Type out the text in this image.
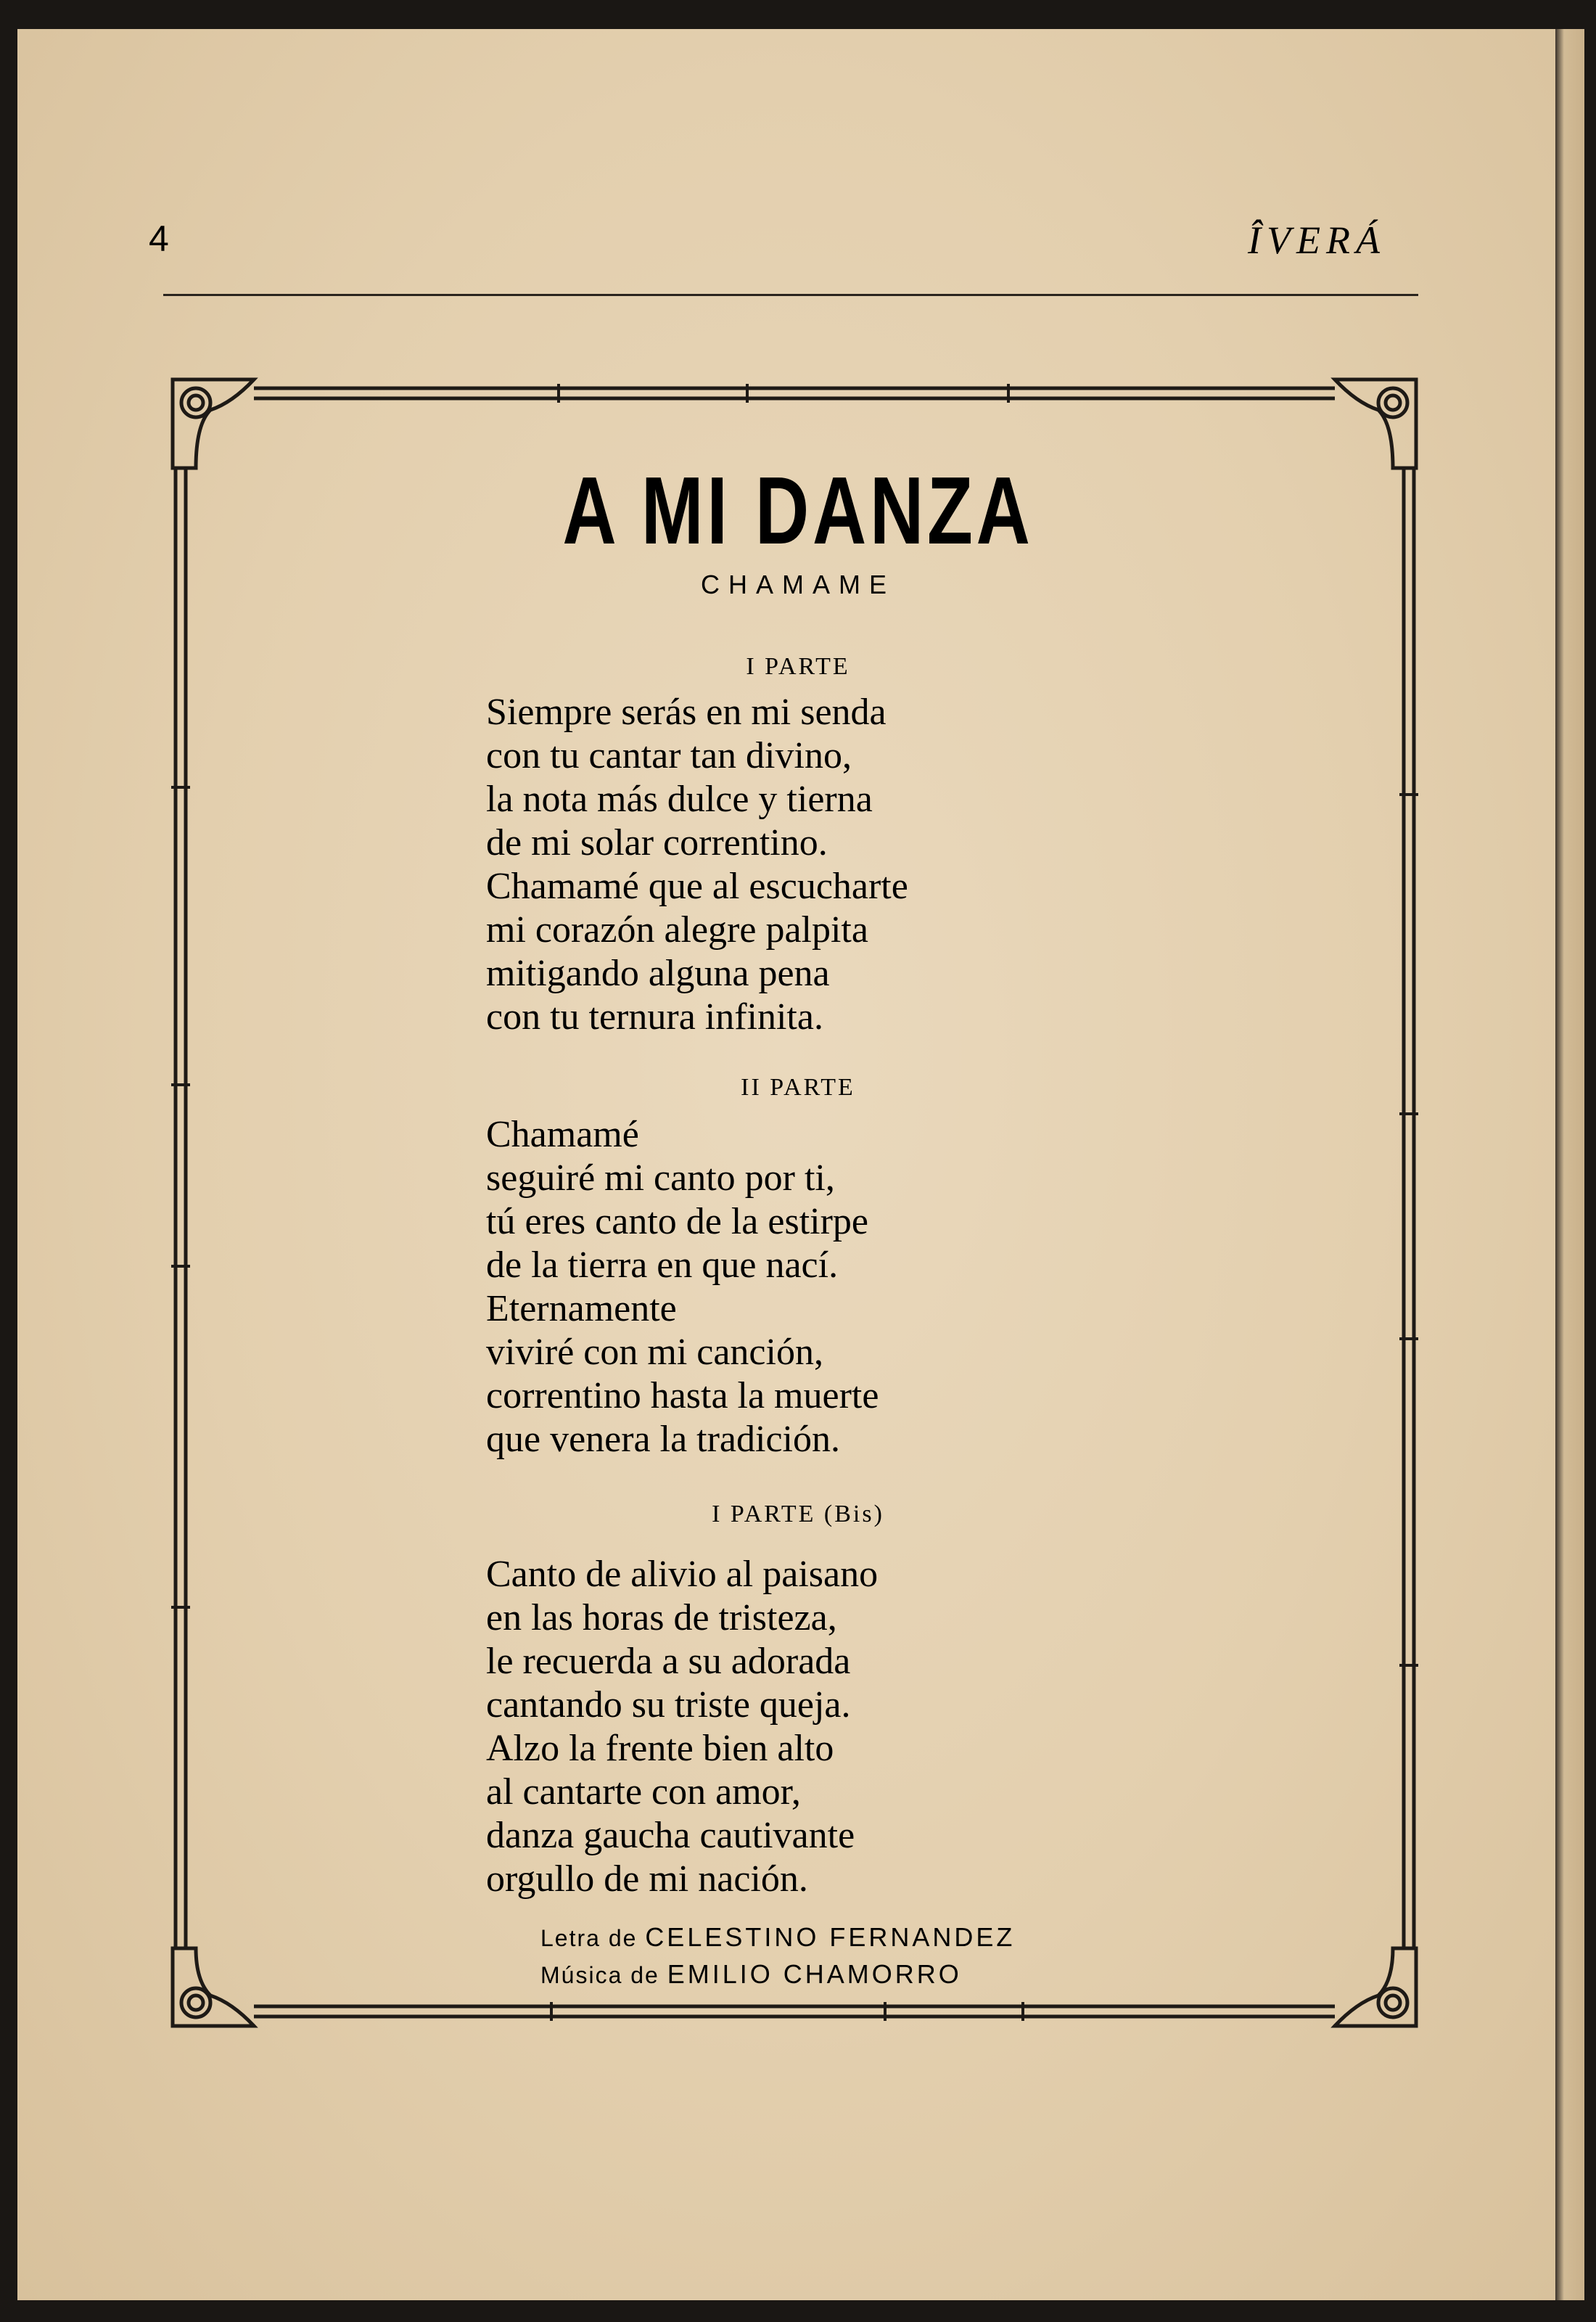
4	ÎVERÁ
A MI DANZA
CHAMAME
I PARTE
Siempre serás en mi senda
con tu cantar tan divino,
la nota más dulce y tierna
de mi solar correntino.
Chamamé que al escucharte
mi corazón alegre palpita
mitigando alguna pena
con tu ternura infinita.
II PARTE
Chamamé
seguiré mi canto por ti,
tú eres canto de la estirpe
de la tierra en que nací.
Eternamente
viviré con mi canción,
correntino hasta la muerte
que venera la tradición.
I PARTE (Bis)
Canto de alivio al paisano
en las horas de tristeza,
le recuerda a su adorada
cantando su triste queja.
Alzo la frente bien alto
al cantarte con amor,
danza gaucha cautivante
orgullo de mi nación.
Letra de CELESTINO FERNANDEZ
Música de EMILIO CHAMORRO
